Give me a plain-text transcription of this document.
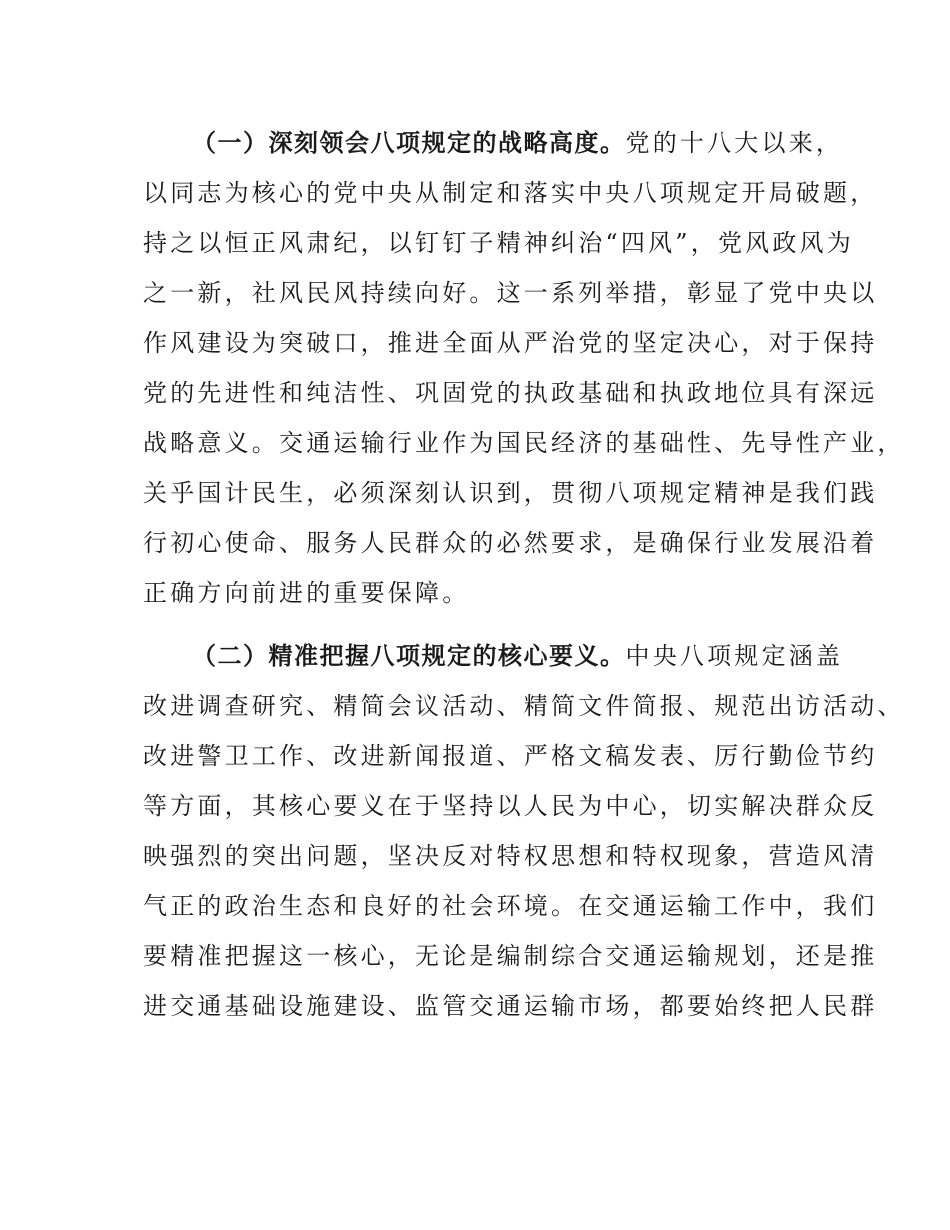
（一）深刻领会八项规定的战略高度。党的十八大以来，
以同志为核心的党中央从制定和落实中央八项规定开局破题，
持之以恒正风肃纪，以钉钉子精神纠治“四风”，党风政风为
之一新，社风民风持续向好。这一系列举措，彰显了党中央以
作风建设为突破口，推进全面从严治党的坚定决心，对于保持
党的先进性和纯洁性、巩固党的执政基础和执政地位具有深远
战略意义。交通运输行业作为国民经济的基础性、先导性产业，
关乎国计民生，必须深刻认识到，贯彻八项规定精神是我们践
行初心使命、服务人民群众的必然要求，是确保行业发展沿着
正确方向前进的重要保障。
（二）精准把握八项规定的核心要义。中央八项规定涵盖
改进调查研究、精简会议活动、精简文件简报、规范出访活动、
改进警卫工作、改进新闻报道、严格文稿发表、厉行勤俭节约
等方面，其核心要义在于坚持以人民为中心，切实解决群众反
映强烈的突出问题，坚决反对特权思想和特权现象，营造风清
气正的政治生态和良好的社会环境。在交通运输工作中，我们
要精准把握这一核心，无论是编制综合交通运输规划，还是推
进交通基础设施建设、监管交通运输市场，都要始终把人民群
